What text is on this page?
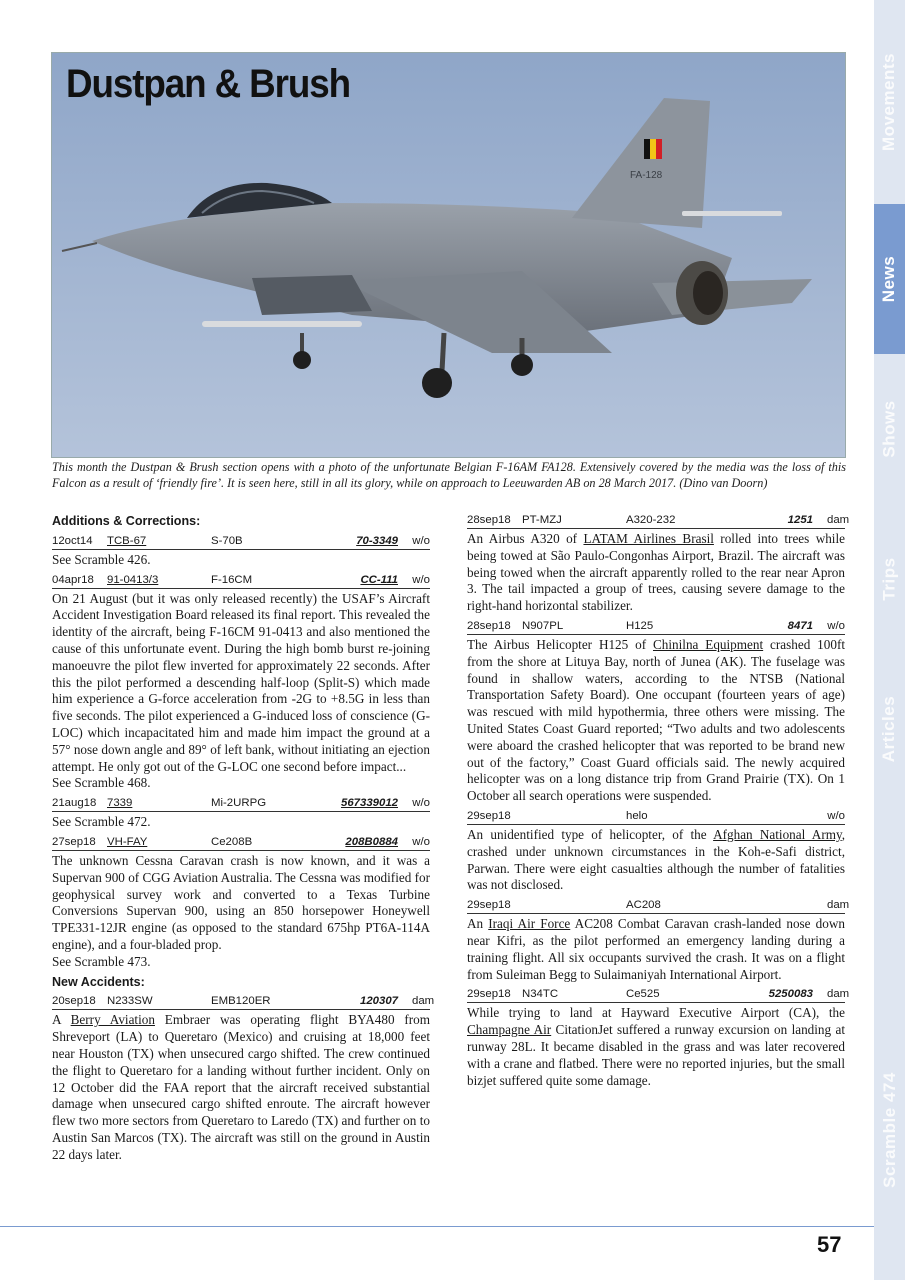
FA-128
Dustpan & Brush
This month the Dustpan & Brush section opens with a photo of the unfortunate Belgian F-16AM FA128. Extensively covered by the media was the loss of this Falcon as a result of ‘friendly fire’. It is seen here, still in all its glory, while on approach to Leeuwarden AB on 28 March 2017. (Dino van Doorn)
Movements
News
Shows
Trips
Articles
Scramble 474
Additions & Corrections:
12oct14	TCB-67	S-70B	70-3349	w/o
See Scramble 426.
04apr18	91-0413/3	F-16CM	CC-111	w/o
On 21 August (but it was only released recently) the USAF’s Aircraft Accident Investigation Board released its final report. This revealed the identity of the aircraft, being F-16CM 91-0413 and also mentioned the cause of this unfortunate event. During the high bomb burst re-joining manoeuvre the pilot flew inverted for approximately 22 seconds. After this the pilot performed a descending half-loop (Split-S) which made him experience a G-force acceleration from -2G to +8.5G in less than five seconds. The pilot experienced a G-induced loss of conscience (G-LOC) which incapacitated him and made him impact the ground at a 57° nose down angle and 89° of left bank, without initiating an ejection attempt. He only got out of the G-LOC one second before impact...
See Scramble 468.
21aug18 7339	Mi-2URPG	567339012	w/o
See Scramble 472.
27sep18 VH-FAY	Ce208B	208B0884	w/o
The unknown Cessna Caravan crash is now known, and it was a Supervan 900 of CGG Aviation Australia. The Cessna was modified for geophysical survey work and converted to a Texas Turbine Conversions Supervan 900, using an 850 horsepower Honeywell TPE331-12JR engine (as opposed to the standard 675hp PT6A-114A engine), and a four-bladed prop.
See Scramble 473.
New Accidents:
20sep18 N233SW	EMB120ER	120307	dam
A Berry Aviation Embraer was operating flight BYA480 from Shreveport (LA) to Queretaro (Mexico) and cruising at 18,000 feet near Houston (TX) when unsecured cargo shifted. The crew continued the flight to Queretaro for a landing without further incident. Only on 12 October did the FAA report that the aircraft received substantial damage when unsecured cargo shifted enroute. The aircraft however flew two more sectors from Queretaro to Laredo (TX) and further on to Austin San Marcos (TX). The aircraft was still on the ground in Austin 22 days later.
28sep18 PT-MZJ	A320-232	1251	dam
An Airbus A320 of LATAM Airlines Brasil rolled into trees while being towed at São Paulo-Congonhas Airport, Brazil. The aircraft was being towed when the aircraft apparently rolled to the rear near Apron 3. The tail impacted a group of trees, causing severe damage to the right-hand horizontal stabilizer.
28sep18 N907PL	H125	8471	w/o
The Airbus Helicopter H125 of Chinilna Equipment crashed 100ft from the shore at Lituya Bay, north of Junea (AK). The fuselage was found in shallow waters, according to the NTSB (National Transportation Safety Board). One occupant (fourteen years of age) was rescued with mild hypothermia, three others were missing. The United States Coast Guard reported; “Two adults and two adolescents were aboard the crashed helicopter that was reported to be brand new out of the factory,” Coast Guard officials said. The newly acquired helicopter was on a long distance trip from Grand Prairie (TX). On 1 October all search operations were suspended.
29sep18	helo	w/o
An unidentified type of helicopter, of the Afghan National Army, crashed under unknown circumstances in the Koh-e-Safi district, Parwan. There were eight casualties although the number of fatalities was not disclosed.
29sep18	AC208	dam
An Iraqi Air Force AC208 Combat Caravan crash-landed nose down near Kifri, as the pilot performed an emergency landing during a training flight. All six occupants survived the crash. It was on a flight from Suleiman Begg to Sulaimaniyah International Airport.
29sep18 N34TC	Ce525	5250083	dam
While trying to land at Hayward Executive Airport (CA), the Champagne Air CitationJet suffered a runway excursion on landing at runway 28L. It became disabled in the grass and was later recovered with a crane and flatbed. There were no reported injuries, but the small bizjet suffered quite some damage.
57
